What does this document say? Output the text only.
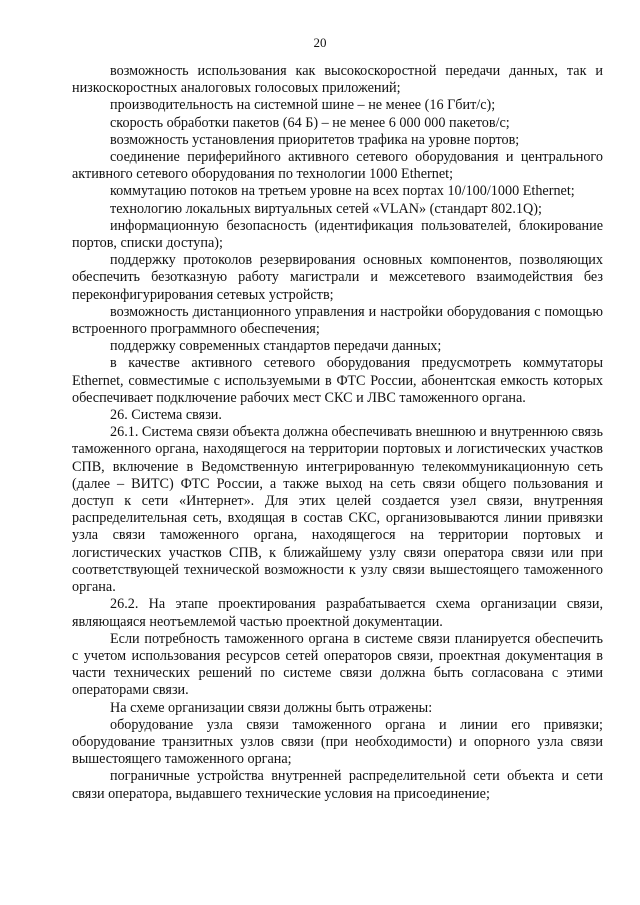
20

возможность использования как высокоскоростной передачи данных, так и низкоскоростных аналоговых голосовых приложений;

производительность на системной шине – не менее (16 Гбит/с);

скорость обработки пакетов (64 Б) – не менее 6 000 000 пакетов/с;

возможность установления приоритетов трафика на уровне портов;

соединение периферийного активного сетевого оборудования и центрального активного сетевого оборудования по технологии 1000 Ethernet;

коммутацию потоков на третьем уровне на всех портах 10/100/1000 Ethernet;

технологию локальных виртуальных сетей «VLAN» (стандарт 802.1Q);

информационную безопасность (идентификация пользователей, блокирование портов, списки доступа);

поддержку протоколов резервирования основных компонентов, позволяющих обеспечить безотказную работу магистрали и межсетевого взаимодействия без переконфигурирования сетевых устройств;

возможность дистанционного управления и настройки оборудования с помощью встроенного программного обеспечения;

поддержку современных стандартов передачи данных;

в качестве активного сетевого оборудования предусмотреть коммутаторы Ethernet, совместимые с используемыми в ФТС России, абонентская емкость которых обеспечивает подключение рабочих мест СКС и ЛВС таможенного органа.

26. Система связи.

26.1. Система связи объекта должна обеспечивать внешнюю и внутреннюю связь таможенного органа, находящегося на территории портовых и логистических участков СПВ, включение в Ведомственную интегрированную телекоммуникационную сеть (далее – ВИТС) ФТС России, а также выход на сеть связи общего пользования и доступ к сети «Интернет». Для этих целей создается узел связи, внутренняя распределительная сеть, входящая в состав СКС, организовываются линии привязки узла связи таможенного органа, находящегося на территории портовых и логистических участков СПВ, к ближайшему узлу связи оператора связи или при соответствующей технической возможности к узлу связи вышестоящего таможенного органа.

26.2. На этапе проектирования разрабатывается схема организации связи, являющаяся неотъемлемой частью проектной документации.

Если потребность таможенного органа в системе связи планируется обеспечить с учетом использования ресурсов сетей операторов связи, проектная документация в части технических решений по системе связи должна быть согласована с этими операторами связи.

На схеме организации связи должны быть отражены:

оборудование узла связи таможенного органа и линии его привязки; оборудование транзитных узлов связи (при необходимости) и опорного узла связи вышестоящего таможенного органа;

пограничные устройства внутренней распределительной сети объекта и сети связи оператора, выдавшего технические условия на присоединение;
